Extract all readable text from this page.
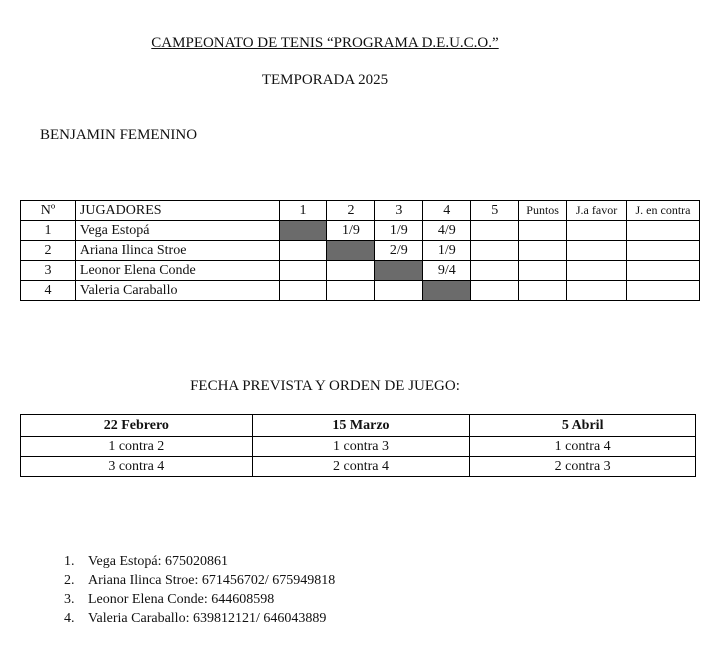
CAMPEONATO DE TENIS “PROGRAMA D.E.U.C.O.”
TEMPORADA 2025
BENJAMIN FEMENINO
Nº	JUGADORES	1	2	3	4	5	Puntos	J.a favor	J. en contra
1	Vega Estopá		1/9	1/9	4/9				
2	Ariana Ilinca Stroe			2/9	1/9				
3	Leonor Elena Conde				9/4				
4	Valeria Caraballo								
FECHA PREVISTA Y ORDEN DE JUEGO:
22 Febrero	15 Marzo	5 Abril
1 contra 2	1 contra 3	1 contra 4
3 contra 4	2 contra 4	2 contra 3
1. Vega Estopá: 675020861
2. Ariana Ilinca Stroe: 671456702/ 675949818
3. Leonor Elena Conde: 644608598
4. Valeria Caraballo: 639812121/ 646043889
